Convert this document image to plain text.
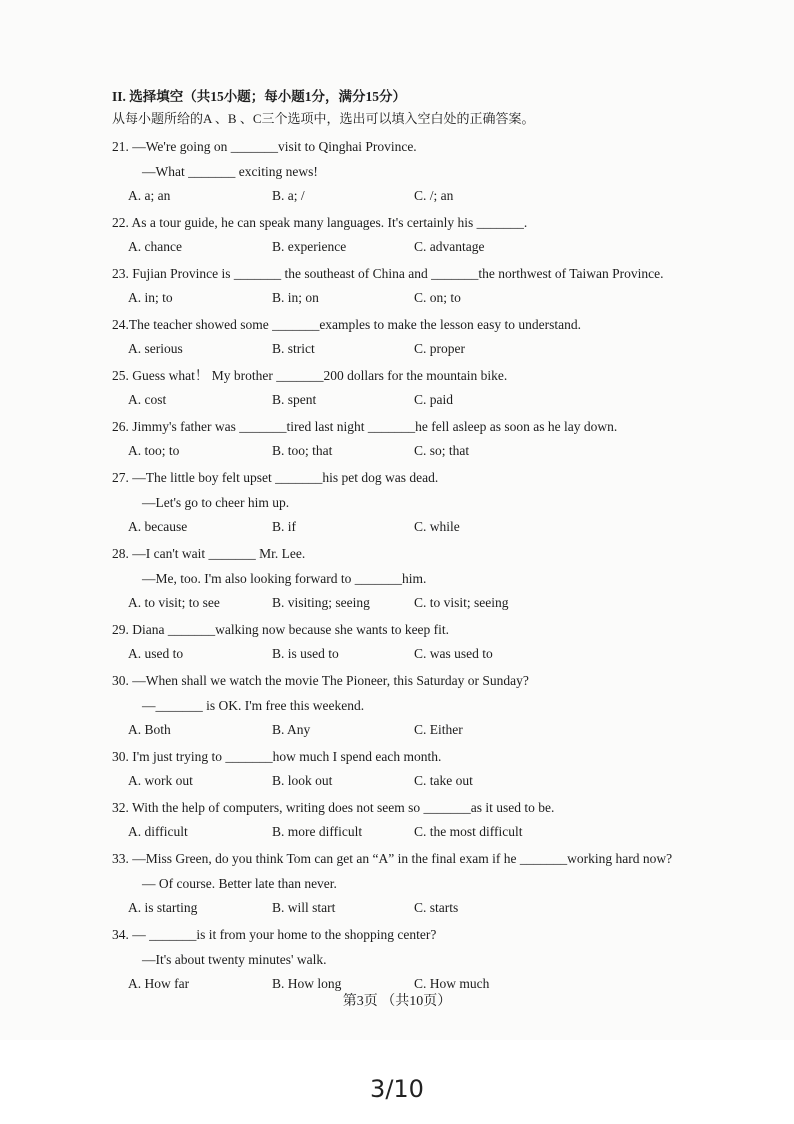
II. 选择填空（共15小题；每小题1分，满分15分）
从每小题所给的A 、B 、C三个选项中，选出可以填入空白处的正确答案。
21. —We're going on _______visit to Qinghai Province.
—What _______ exciting news!
A. a; an	B. a; /	C. /; an
22. As a tour guide, he can speak many languages. It's certainly his _______.
A. chance	B. experience	C. advantage
23. Fujian Province is _______ the southeast of China and _______the northwest of Taiwan Province.
A. in; to	B. in; on	C. on; to
24.The teacher showed some _______examples to make the lesson easy to understand.
A. serious	B. strict	C. proper
25. Guess what！ My brother _______200 dollars for the mountain bike.
A. cost	B. spent	C. paid
26. Jimmy's father was _______tired last night _______he fell asleep as soon as he lay down.
A. too; to	B. too; that	C. so; that
27. —The little boy felt upset _______his pet dog was dead.
—Let's go to cheer him up.
A. because	B. if	C. while
28. —I can't wait _______ Mr. Lee.
—Me, too. I'm also looking forward to _______him.
A. to visit; to see	B. visiting; seeing	C. to visit; seeing
29. Diana _______walking now because she wants to keep fit.
A. used to	B. is used to	C. was used to
30. —When shall we watch the movie The Pioneer, this Saturday or Sunday?
—_______ is OK. I'm free this weekend.
A. Both	B. Any	C. Either
30. I'm just trying to _______how much I spend each month.
A. work out	B. look out	C. take out
32. With the help of computers, writing does not seem so _______as it used to be.
A. difficult	B. more difficult	C. the most difficult
33. —Miss Green, do you think Tom can get an “A” in the final exam if he _______working hard now?
— Of course. Better late than never.
A. is starting	B. will start	C. starts
34. — _______is it from your home to the shopping center?
—It's about twenty minutes' walk.
A. How far	B. How long	C. How much
第3页 （共10页）
3/10
